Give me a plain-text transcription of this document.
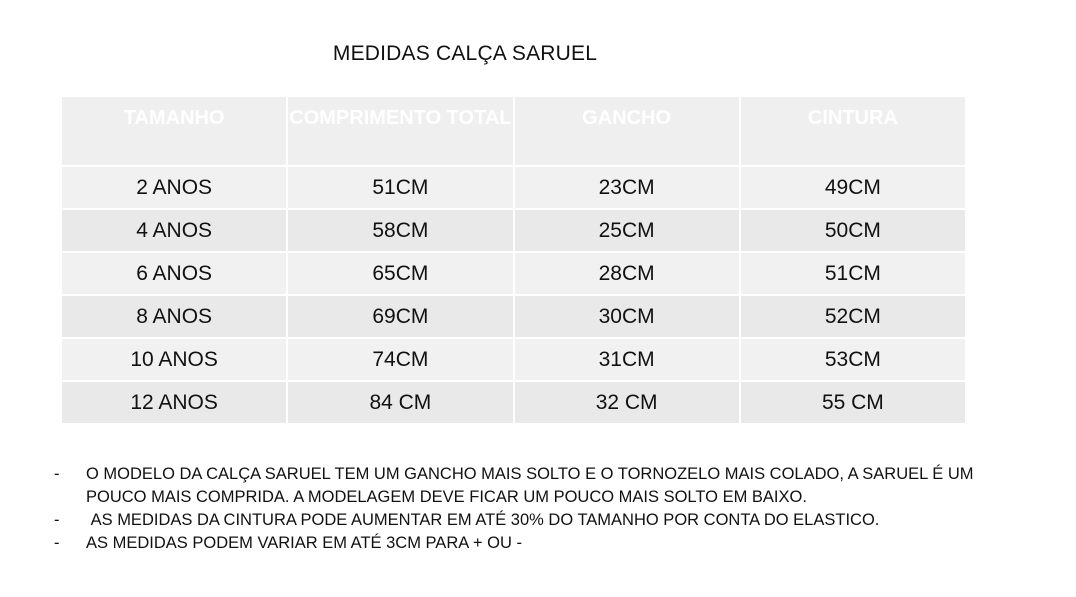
MEDIDAS CALÇA SARUEL
TAMANHO	COMPRIMENTO TOTAL	GANCHO	CINTURA
2 ANOS	51CM	23CM	49CM
4 ANOS	58CM	25CM	50CM
6 ANOS	65CM	28CM	51CM
8 ANOS	69CM	30CM	52CM
10 ANOS	74CM	31CM	53CM
12 ANOS	84 CM	32 CM	55 CM
-	O MODELO DA CALÇA SARUEL TEM UM GANCHO MAIS SOLTO E O TORNOZELO MAIS COLADO, A SARUEL É UM POUCO MAIS COMPRIDA. A MODELAGEM DEVE FICAR UM POUCO MAIS SOLTO EM BAIXO.
-	AS MEDIDAS DA CINTURA PODE AUMENTAR EM ATÉ 30% DO TAMANHO POR CONTA DO ELASTICO.
-	AS MEDIDAS PODEM VARIAR EM ATÉ 3CM PARA + OU -
